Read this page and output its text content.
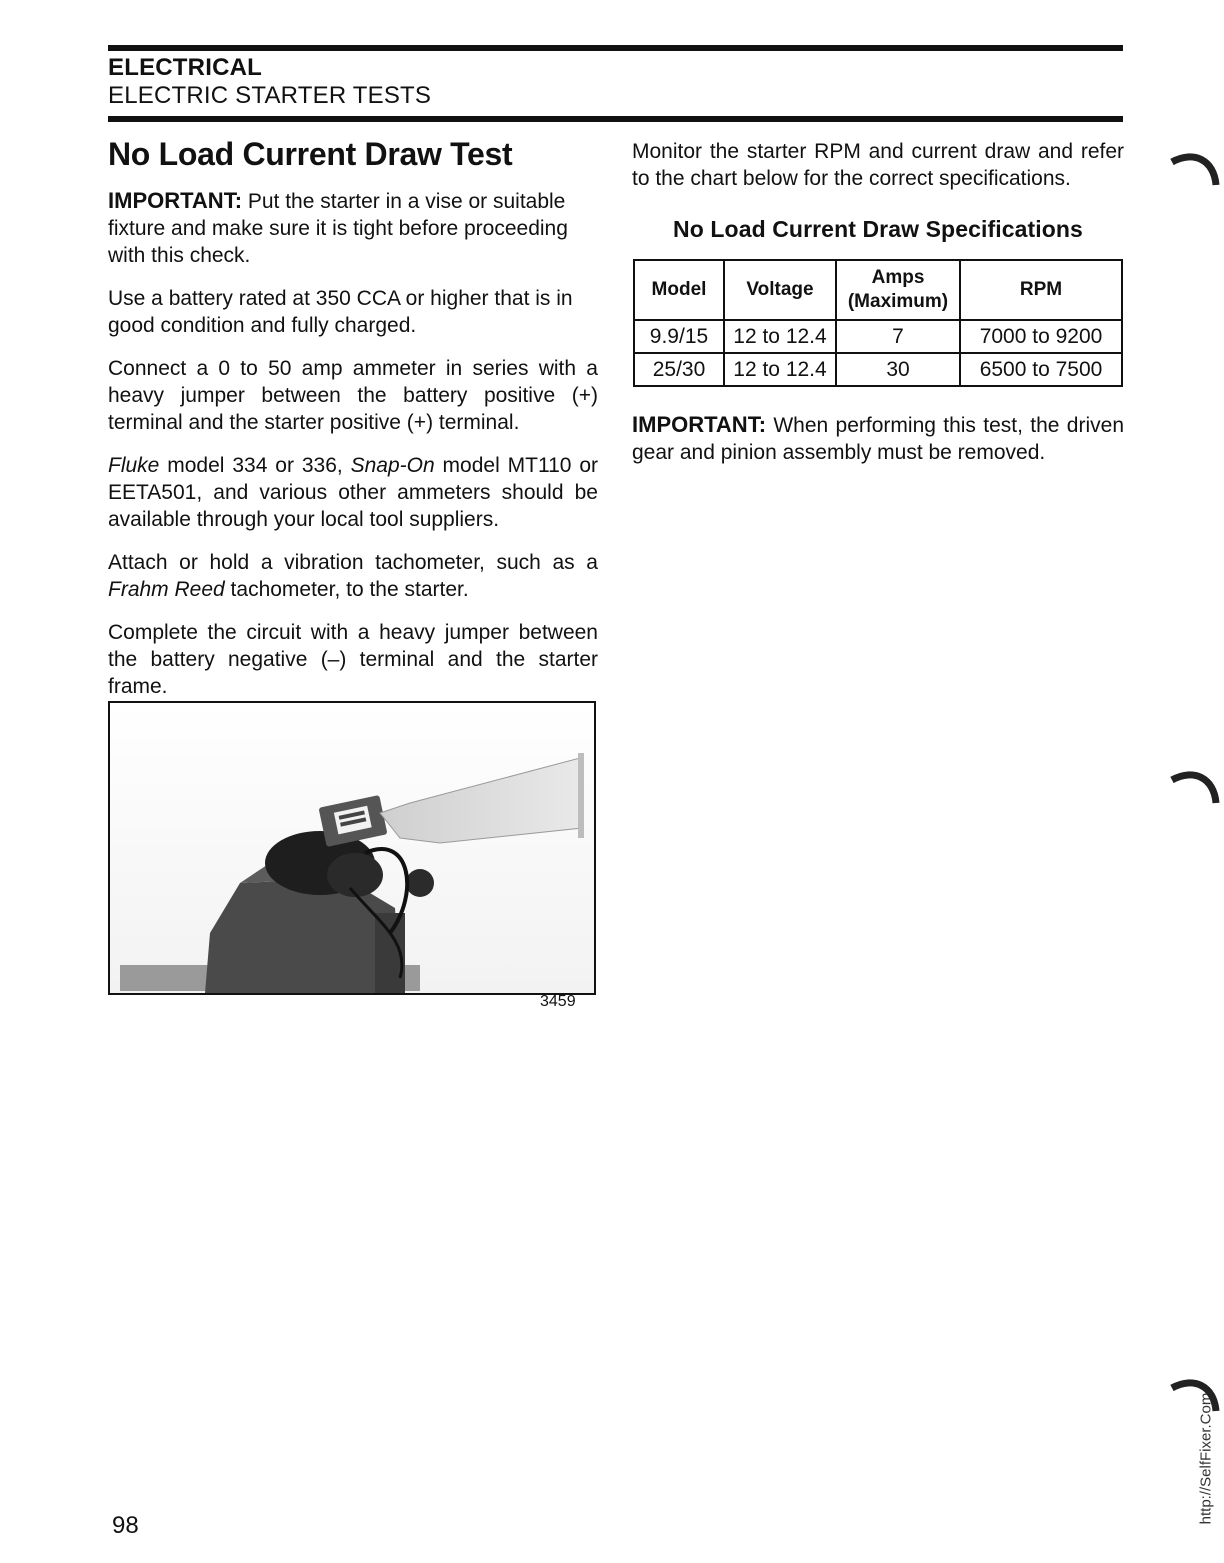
ELECTRICAL
ELECTRIC STARTER TESTS
No Load Current Draw Test

IMPORTANT: Put the starter in a vise or suitable fixture and make sure it is tight before proceeding with this check.

Use a battery rated at 350 CCA or higher that is in good condition and fully charged.

Connect a 0 to 50 amp ammeter in series with a heavy jumper between the battery positive (+) terminal and the starter positive (+) terminal.

Fluke model 334 or 336, Snap-On model MT110 or EETA501, and various other ammeters should be available through your local tool suppliers.

Attach or hold a vibration tachometer, such as a Frahm Reed tachometer, to the starter.

Complete the circuit with a heavy jumper between the battery negative (–) terminal and the starter frame.

3459

Monitor the starter RPM and current draw and refer to the chart below for the correct specifications.

No Load Current Draw Specifications
Model	Voltage	Amps (Maximum)	RPM
9.9/15	12 to 12.4	7	7000 to 9200
25/30	12 to 12.4	30	6500 to 7500

IMPORTANT: When performing this test, the driven gear and pinion assembly must be removed.

98
http://SelfFixer.Com
